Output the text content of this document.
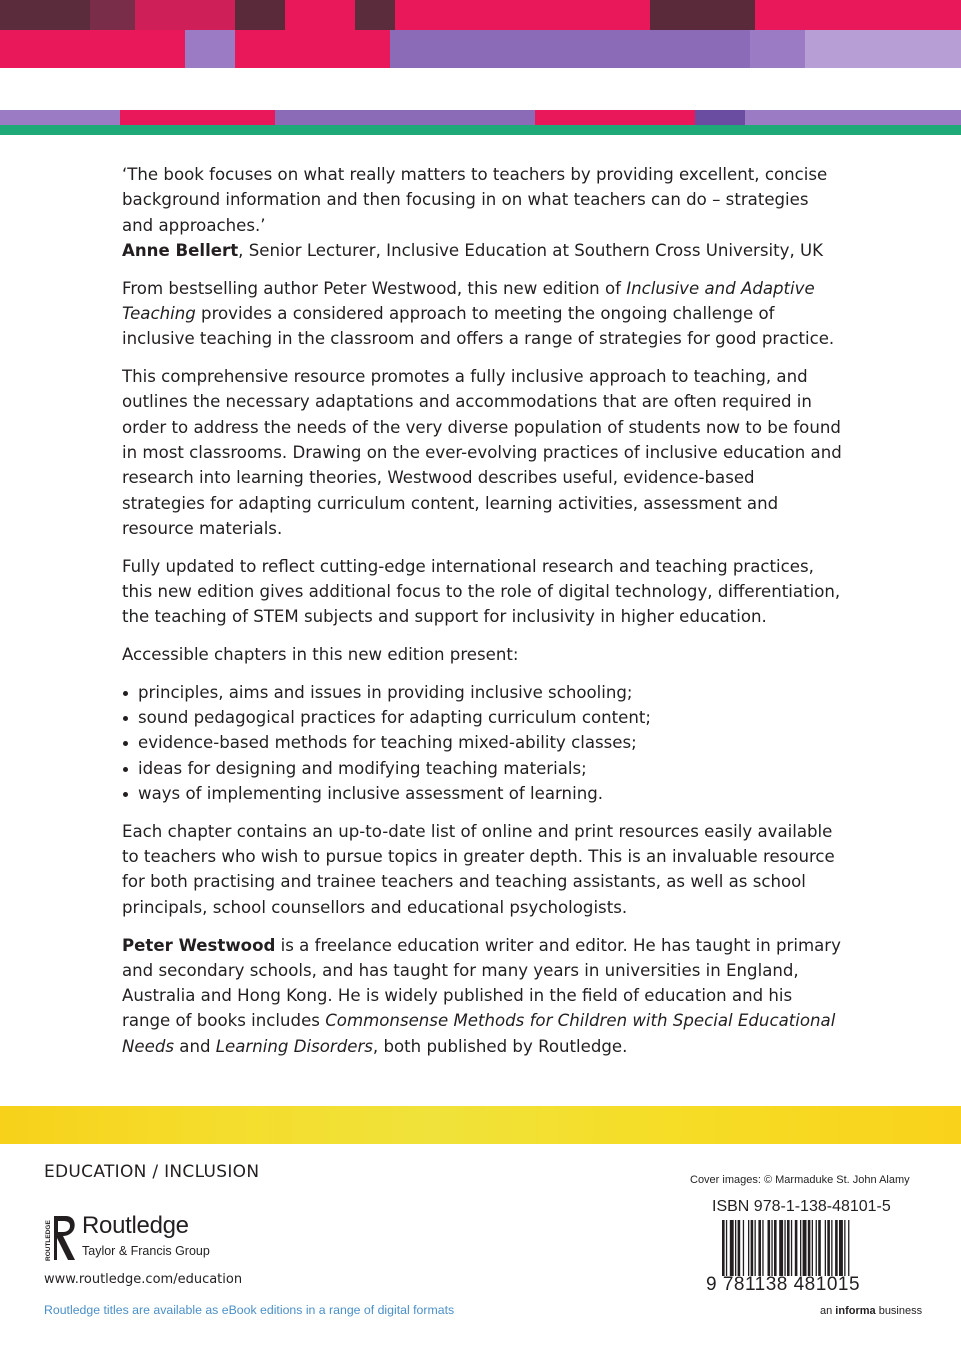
‘The book focuses on what really matters to teachers by providing excellent, concise background information and then focusing in on what teachers can do – strategies and approaches.’

Anne Bellert, Senior Lecturer, Inclusive Education at Southern Cross University, UK

From bestselling author Peter Westwood, this new edition of Inclusive and Adaptive Teaching provides a considered approach to meeting the ongoing challenge of inclusive teaching in the classroom and offers a range of strategies for good practice.

This comprehensive resource promotes a fully inclusive approach to teaching, and outlines the necessary adaptations and accommodations that are often required in order to address the needs of the very diverse population of students now to be found in most classrooms. Drawing on the ever-evolving practices of inclusive education and research into learning theories, Westwood describes useful, evidence-based strategies for adapting curriculum content, learning activities, assessment and resource materials.

Fully updated to reflect cutting-edge international research and teaching practices, this new edition gives additional focus to the role of digital technology, differentiation, the teaching of STEM subjects and support for inclusivity in higher education.

Accessible chapters in this new edition present:

principles, aims and issues in providing inclusive schooling;
sound pedagogical practices for adapting curriculum content;
evidence-based methods for teaching mixed-ability classes;
ideas for designing and modifying teaching materials;
ways of implementing inclusive assessment of learning.

Each chapter contains an up-to-date list of online and print resources easily available to teachers who wish to pursue topics in greater depth. This is an invaluable resource for both practising and trainee teachers and teaching assistants, as well as school principals, school counsellors and educational psychologists.

Peter Westwood is a freelance education writer and editor. He has taught in primary and secondary schools, and has taught for many years in universities in England, Australia and Hong Kong. He is widely published in the field of education and his range of books includes Commonsense Methods for Children with Special Educational Needs and Learning Disorders, both published by Routledge.

EDUCATION / INCLUSION
ROUTLEDGE Routledge
Taylor & Francis Group
www.routledge.com/education
Routledge titles are available as eBook editions in a range of digital formats
Cover images: © Marmaduke St. John Alamy
ISBN 978-1-138-48101-5
9 781138 481015
an informa business
